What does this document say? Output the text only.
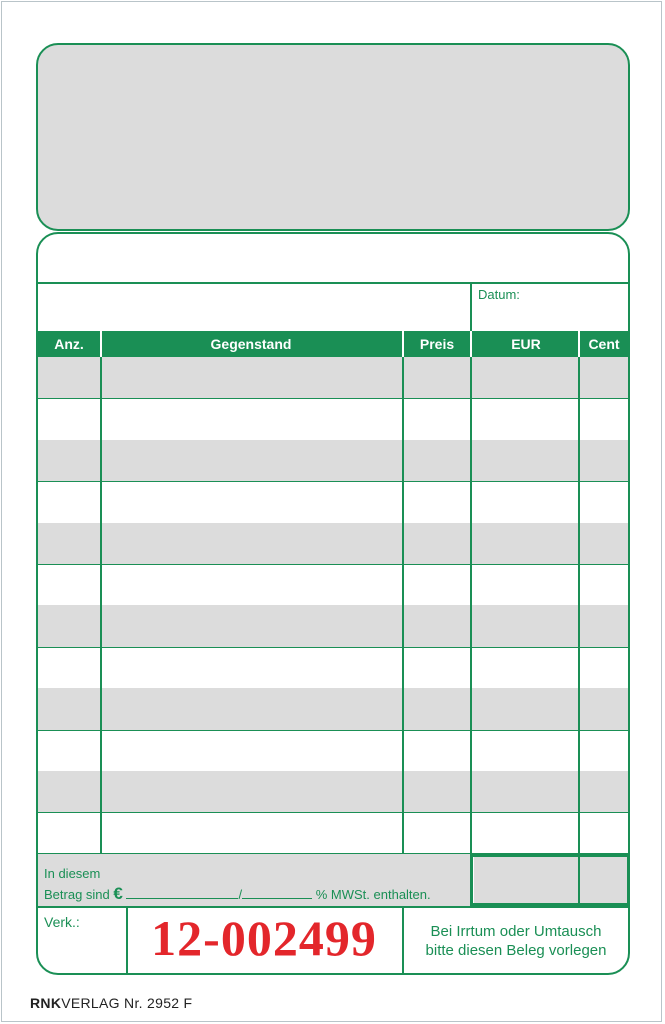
Datum:
Anz.	Gegenstand	Preis	EUR	Cent
In diesem
Betrag sind €	/	% MWSt. enthalten.
Verk.:	12-002499	Bei Irrtum oder Umtausch
bitte diesen Beleg vorlegen
RNKVERLAG Nr. 2952 F
